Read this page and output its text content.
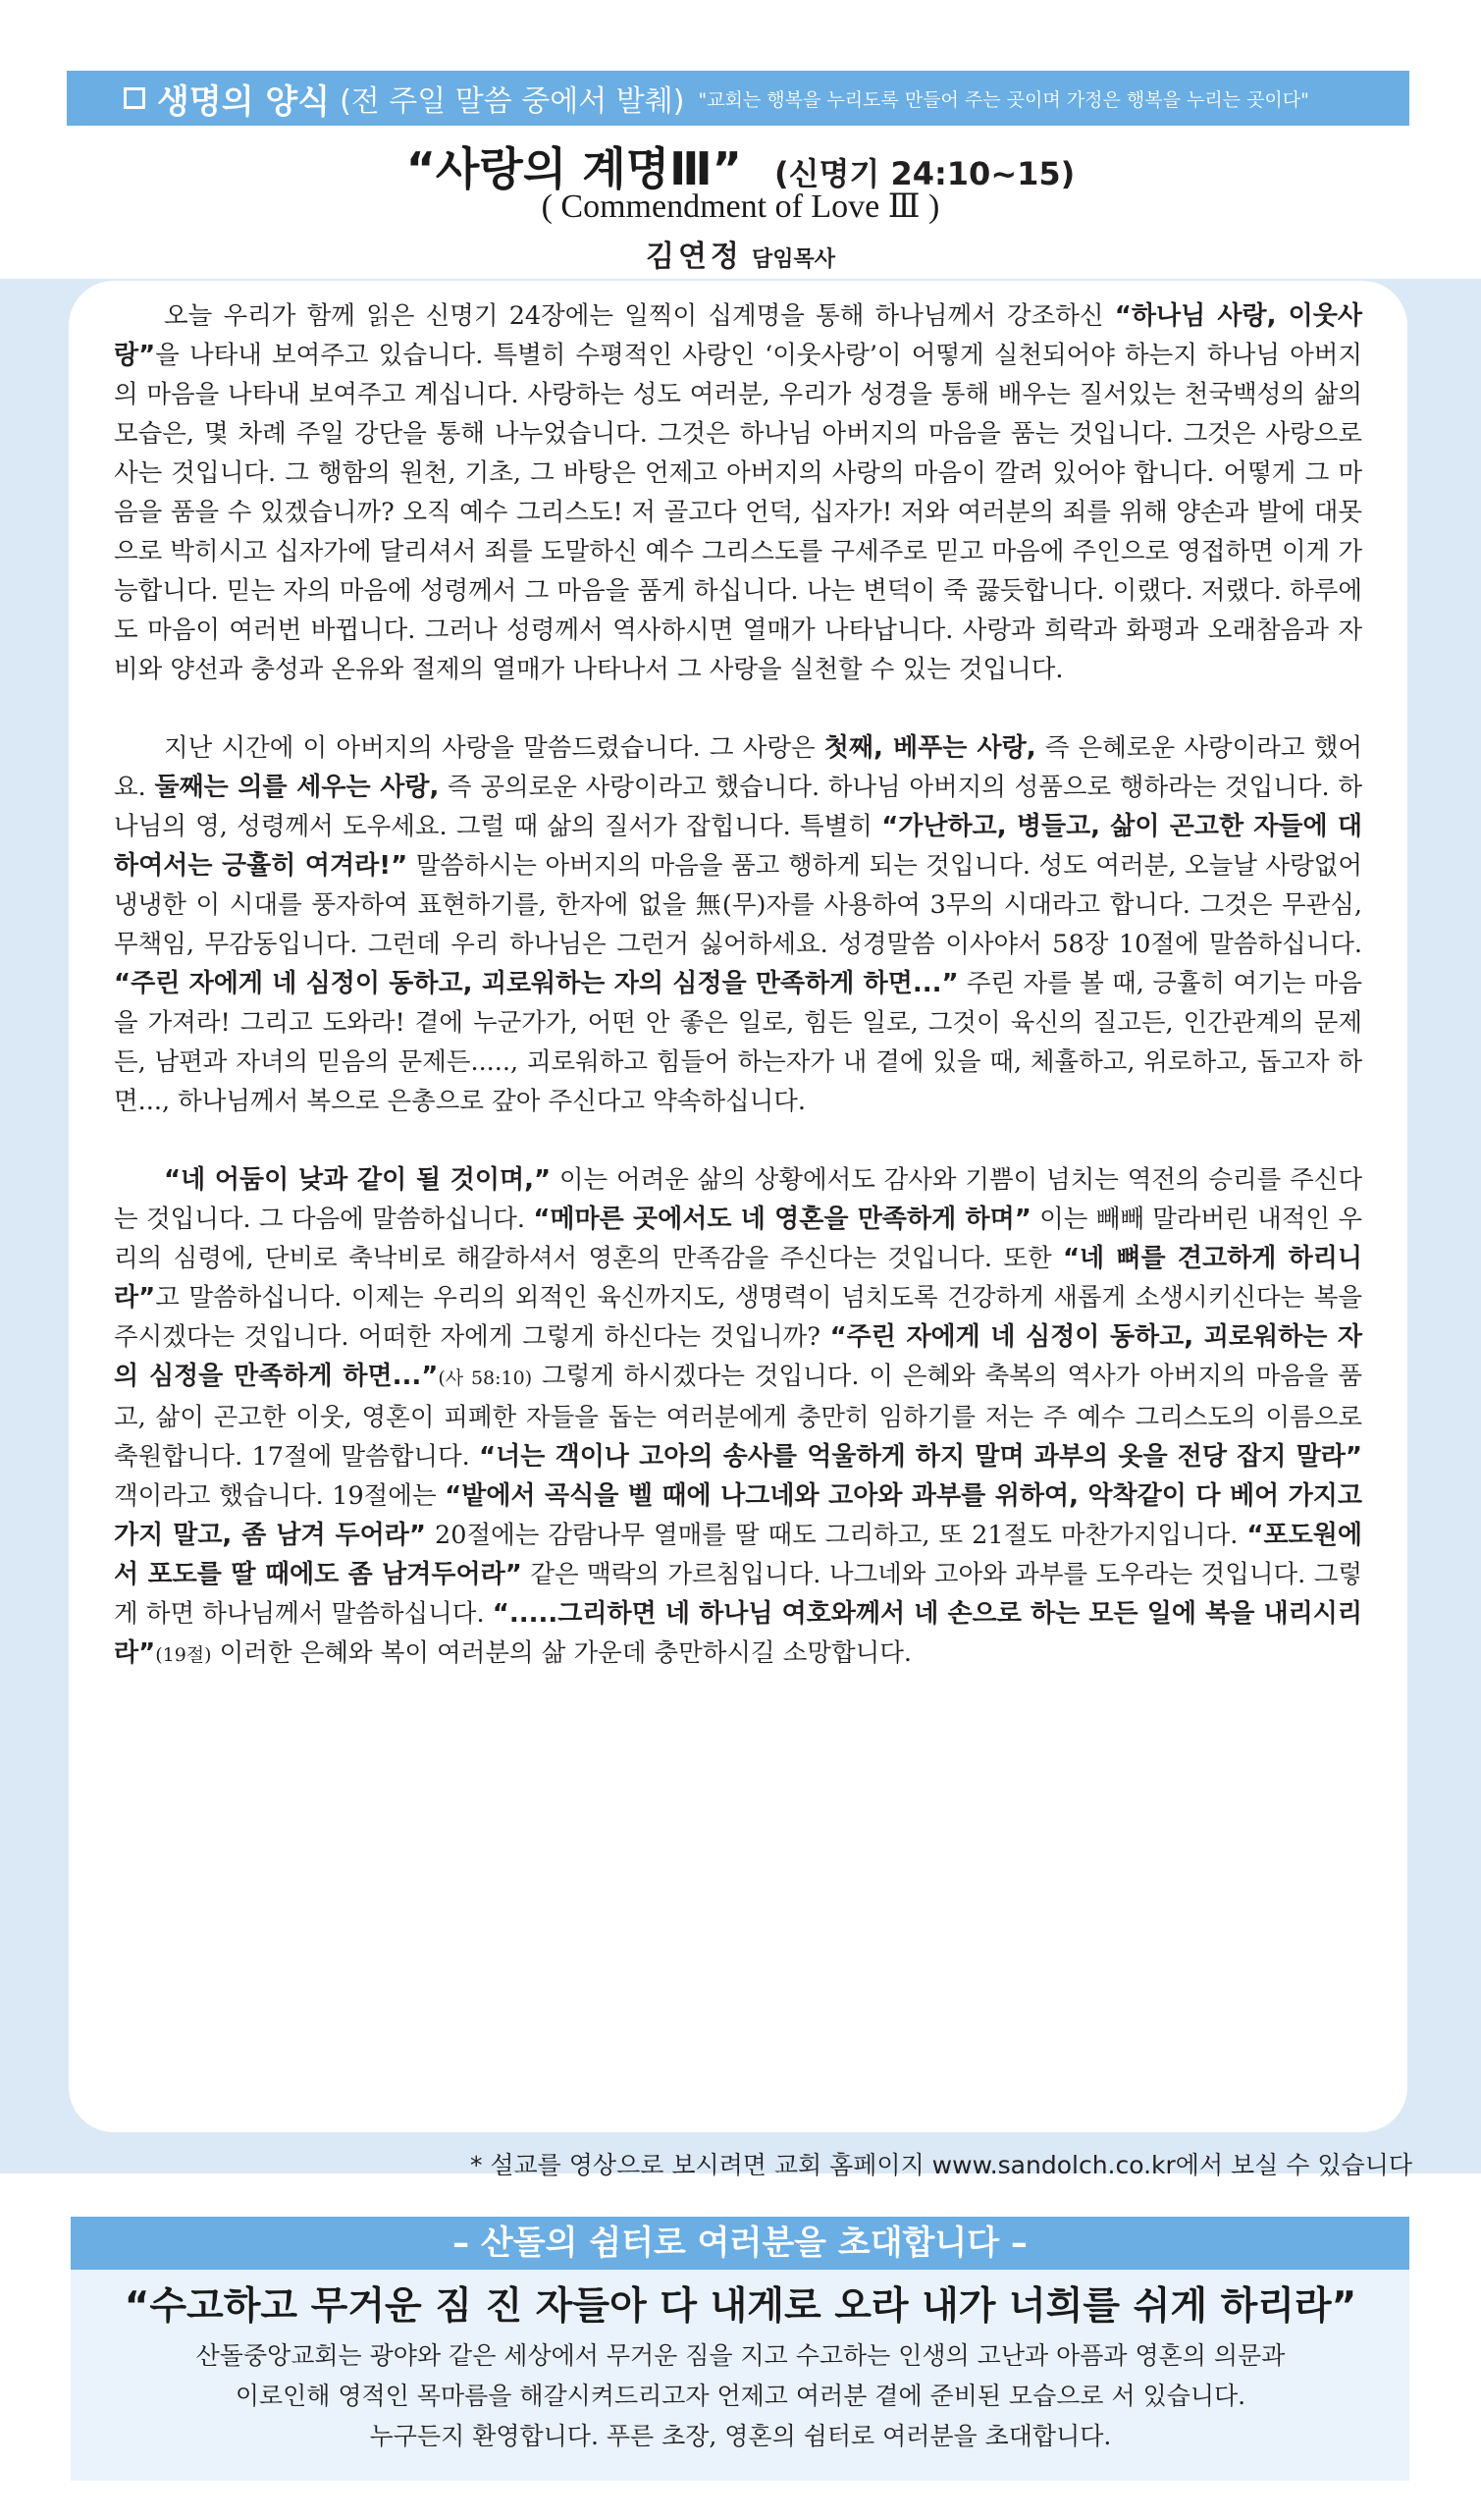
생명의 양식 (전 주일 말씀 중에서 발췌) "교회는 행복을 누리도록 만들어 주는 곳이며 가정은 행복을 누리는 곳이다"
“사랑의 계명Ⅲ” (신명기 24:10~15)
( Commendment of Love Ⅲ )
김연정 담임목사

오늘 우리가 함께 읽은 신명기 24장에는 일찍이 십계명을 통해 하나님께서 강조하신 “하나님 사랑, 이웃사랑”을 나타내 보여주고 있습니다. 특별히 수평적인 사랑인 ‘이웃사랑’이 어떻게 실천되어야 하는지 하나님 아버지의 마음을 나타내 보여주고 계십니다. 사랑하는 성도 여러분, 우리가 성경을 통해 배우는 질서있는 천국백성의 삶의 모습은, 몇 차례 주일 강단을 통해 나누었습니다. 그것은 하나님 아버지의 마음을 품는 것입니다. 그것은 사랑으로 사는 것입니다. 그 행함의 원천, 기초, 그 바탕은 언제고 아버지의 사랑의 마음이 깔려 있어야 합니다. 어떻게 그 마음을 품을 수 있겠습니까? 오직 예수 그리스도! 저 골고다 언덕, 십자가! 저와 여러분의 죄를 위해 양손과 발에 대못으로 박히시고 십자가에 달리셔서 죄를 도말하신 예수 그리스도를 구세주로 믿고 마음에 주인으로 영접하면 이게 가능합니다. 믿는 자의 마음에 성령께서 그 마음을 품게 하십니다. 나는 변덕이 죽 끓듯합니다. 이랬다. 저랬다. 하루에도 마음이 여러번 바뀝니다. 그러나 성령께서 역사하시면 열매가 나타납니다. 사랑과 희락과 화평과 오래참음과 자비와 양선과 충성과 온유와 절제의 열매가 나타나서 그 사랑을 실천할 수 있는 것입니다.

지난 시간에 이 아버지의 사랑을 말씀드렸습니다. 그 사랑은 첫째, 베푸는 사랑, 즉 은혜로운 사랑이라고 했어요. 둘째는 의를 세우는 사랑, 즉 공의로운 사랑이라고 했습니다. 하나님 아버지의 성품으로 행하라는 것입니다. 하나님의 영, 성령께서 도우세요. 그럴 때 삶의 질서가 잡힙니다. 특별히 “가난하고, 병들고, 삶이 곤고한 자들에 대하여서는 긍휼히 여겨라!” 말씀하시는 아버지의 마음을 품고 행하게 되는 것입니다. 성도 여러분, 오늘날 사랑없어 냉냉한 이 시대를 풍자하여 표현하기를, 한자에 없을 無(무)자를 사용하여 3무의 시대라고 합니다. 그것은 무관심, 무책임, 무감동입니다. 그런데 우리 하나님은 그런거 싫어하세요. 성경말씀 이사야서 58장 10절에 말씀하십니다. “주린 자에게 네 심정이 동하고, 괴로워하는 자의 심정을 만족하게 하면...” 주린 자를 볼 때, 긍휼히 여기는 마음을 가져라! 그리고 도와라! 곁에 누군가가, 어떤 안 좋은 일로, 힘든 일로, 그것이 육신의 질고든, 인간관계의 문제든, 남편과 자녀의 믿음의 문제든....., 괴로워하고 힘들어 하는자가 내 곁에 있을 때, 체휼하고, 위로하고, 돕고자 하면..., 하나님께서 복으로 은총으로 갚아 주신다고 약속하십니다.

“네 어둠이 낮과 같이 될 것이며,” 이는 어려운 삶의 상황에서도 감사와 기쁨이 넘치는 역전의 승리를 주신다는 것입니다. 그 다음에 말씀하십니다. “메마른 곳에서도 네 영혼을 만족하게 하며” 이는 빼빼 말라버린 내적인 우리의 심령에, 단비로 축낙비로 해갈하셔서 영혼의 만족감을 주신다는 것입니다. 또한 “네 뼈를 견고하게 하리니라”고 말씀하십니다. 이제는 우리의 외적인 육신까지도, 생명력이 넘치도록 건강하게 새롭게 소생시키신다는 복을 주시겠다는 것입니다. 어떠한 자에게 그렇게 하신다는 것입니까? “주린 자에게 네 심정이 동하고, 괴로워하는 자의 심정을 만족하게 하면...”(사 58:10) 그렇게 하시겠다는 것입니다. 이 은혜와 축복의 역사가 아버지의 마음을 품고, 삶이 곤고한 이웃, 영혼이 피폐한 자들을 돕는 여러분에게 충만히 임하기를 저는 주 예수 그리스도의 이름으로 축원합니다. 17절에 말씀합니다. “너는 객이나 고아의 송사를 억울하게 하지 말며 과부의 옷을 전당 잡지 말라” 객이라고 했습니다. 19절에는 “밭에서 곡식을 벨 때에 나그네와 고아와 과부를 위하여, 악착같이 다 베어 가지고 가지 말고, 좀 남겨 두어라” 20절에는 감람나무 열매를 딸 때도 그리하고, 또 21절도 마찬가지입니다. “포도원에서 포도를 딸 때에도 좀 남겨두어라” 같은 맥락의 가르침입니다. 나그네와 고아와 과부를 도우라는 것입니다. 그렇게 하면 하나님께서 말씀하십니다. “.....그리하면 네 하나님 여호와께서 네 손으로 하는 모든 일에 복을 내리시리라”(19절) 이러한 은혜와 복이 여러분의 삶 가운데 충만하시길 소망합니다.

* 설교를 영상으로 보시려면 교회 홈페이지 www.sandolch.co.kr에서 보실 수 있습니다
– 산돌의 쉼터로 여러분을 초대합니다 –
“수고하고 무거운 짐 진 자들아 다 내게로 오라 내가 너희를 쉬게 하리라”
산돌중앙교회는 광야와 같은 세상에서 무거운 짐을 지고 수고하는 인생의 고난과 아픔과 영혼의 의문과
이로인해 영적인 목마름을 해갈시켜드리고자 언제고 여러분 곁에 준비된 모습으로 서 있습니다.
누구든지 환영합니다. 푸른 초장, 영혼의 쉼터로 여러분을 초대합니다.
